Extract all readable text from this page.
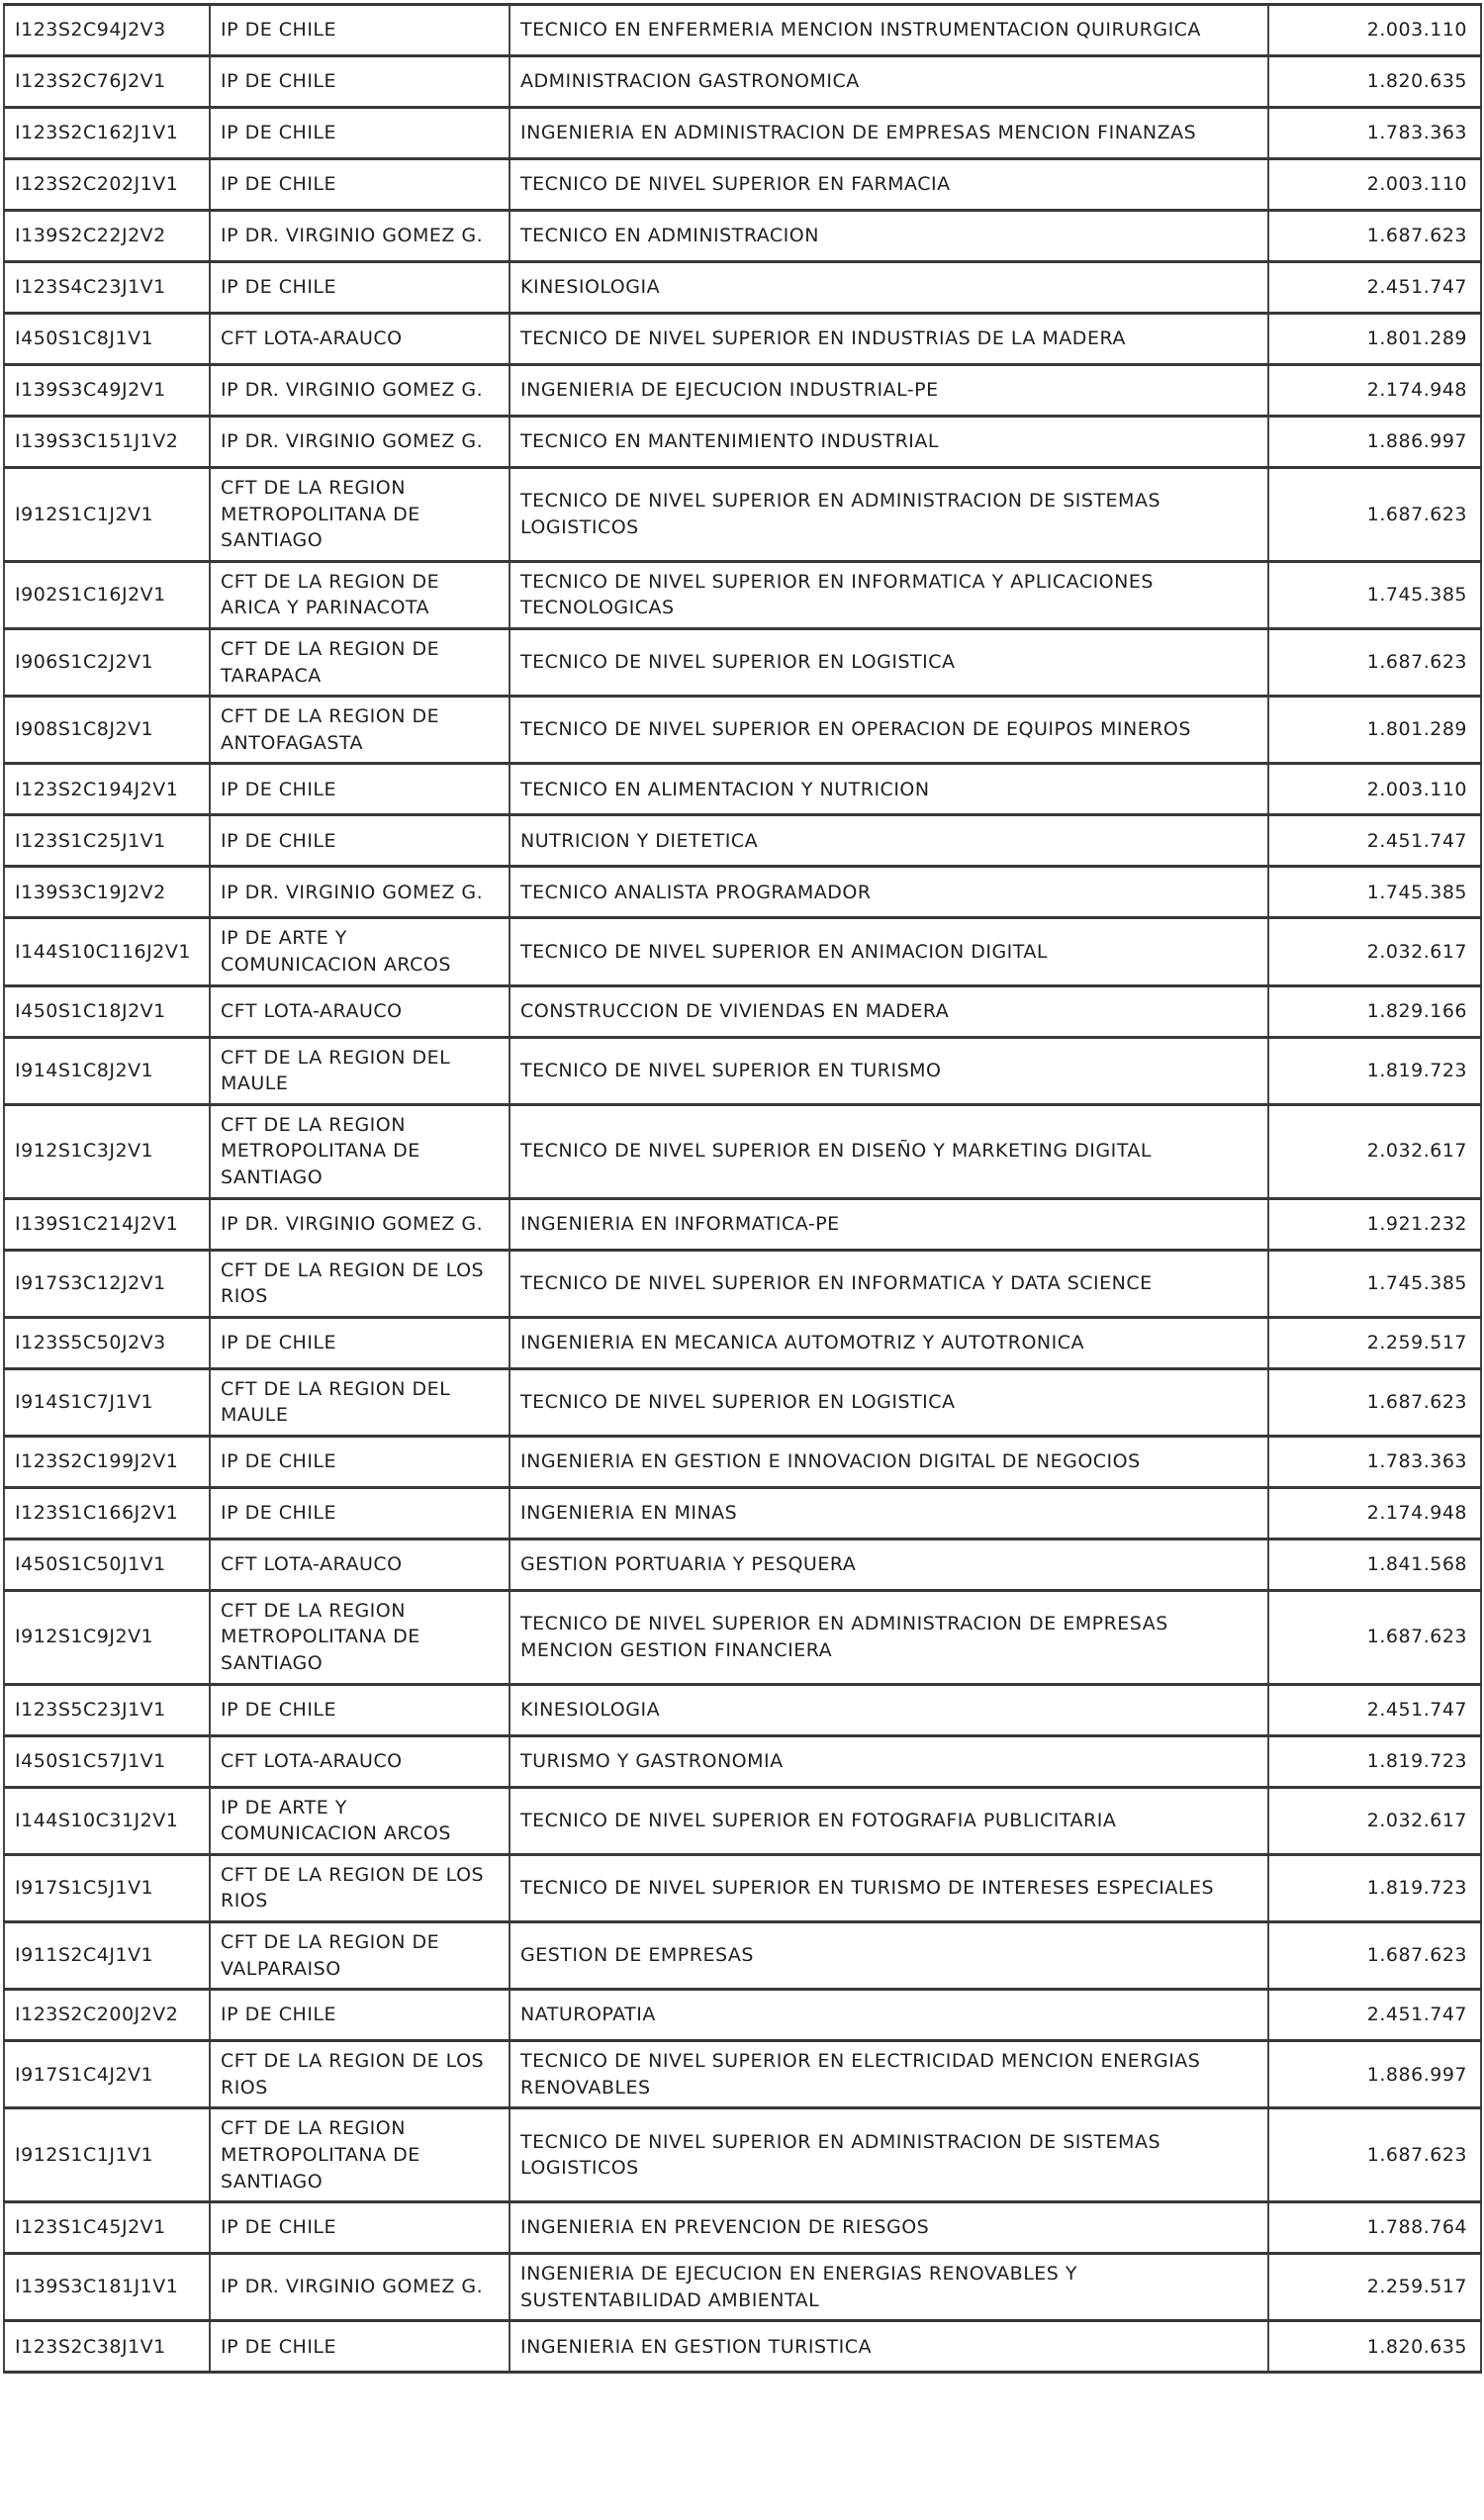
I123S2C94J2V3	IP DE CHILE	TECNICO EN ENFERMERIA MENCION INSTRUMENTACION QUIRURGICA	2.003.110
I123S2C76J2V1	IP DE CHILE	ADMINISTRACION GASTRONOMICA	1.820.635
I123S2C162J1V1	IP DE CHILE	INGENIERIA EN ADMINISTRACION DE EMPRESAS MENCION FINANZAS	1.783.363
I123S2C202J1V1	IP DE CHILE	TECNICO DE NIVEL SUPERIOR EN FARMACIA	2.003.110
I139S2C22J2V2	IP DR. VIRGINIO GOMEZ G.	TECNICO EN ADMINISTRACION	1.687.623
I123S4C23J1V1	IP DE CHILE	KINESIOLOGIA	2.451.747
I450S1C8J1V1	CFT LOTA-ARAUCO	TECNICO DE NIVEL SUPERIOR EN INDUSTRIAS DE LA MADERA	1.801.289
I139S3C49J2V1	IP DR. VIRGINIO GOMEZ G.	INGENIERIA DE EJECUCION INDUSTRIAL-PE	2.174.948
I139S3C151J1V2	IP DR. VIRGINIO GOMEZ G.	TECNICO EN MANTENIMIENTO INDUSTRIAL	1.886.997
I912S1C1J2V1	CFT DE LA REGION METROPOLITANA DE SANTIAGO	TECNICO DE NIVEL SUPERIOR EN ADMINISTRACION DE SISTEMAS LOGISTICOS	1.687.623
I902S1C16J2V1	CFT DE LA REGION DE ARICA Y PARINACOTA	TECNICO DE NIVEL SUPERIOR EN INFORMATICA Y APLICACIONES TECNOLOGICAS	1.745.385
I906S1C2J2V1	CFT DE LA REGION DE TARAPACA	TECNICO DE NIVEL SUPERIOR EN LOGISTICA	1.687.623
I908S1C8J2V1	CFT DE LA REGION DE ANTOFAGASTA	TECNICO DE NIVEL SUPERIOR EN OPERACION DE EQUIPOS MINEROS	1.801.289
I123S2C194J2V1	IP DE CHILE	TECNICO EN ALIMENTACION Y NUTRICION	2.003.110
I123S1C25J1V1	IP DE CHILE	NUTRICION Y DIETETICA	2.451.747
I139S3C19J2V2	IP DR. VIRGINIO GOMEZ G.	TECNICO ANALISTA PROGRAMADOR	1.745.385
I144S10C116J2V1	IP DE ARTE Y COMUNICACION ARCOS	TECNICO DE NIVEL SUPERIOR EN ANIMACION DIGITAL	2.032.617
I450S1C18J2V1	CFT LOTA-ARAUCO	CONSTRUCCION DE VIVIENDAS EN MADERA	1.829.166
I914S1C8J2V1	CFT DE LA REGION DEL MAULE	TECNICO DE NIVEL SUPERIOR EN TURISMO	1.819.723
I912S1C3J2V1	CFT DE LA REGION METROPOLITANA DE SANTIAGO	TECNICO DE NIVEL SUPERIOR EN DISEÑO Y MARKETING DIGITAL	2.032.617
I139S1C214J2V1	IP DR. VIRGINIO GOMEZ G.	INGENIERIA EN INFORMATICA-PE	1.921.232
I917S3C12J2V1	CFT DE LA REGION DE LOS RIOS	TECNICO DE NIVEL SUPERIOR EN INFORMATICA Y DATA SCIENCE	1.745.385
I123S5C50J2V3	IP DE CHILE	INGENIERIA EN MECANICA AUTOMOTRIZ Y AUTOTRONICA	2.259.517
I914S1C7J1V1	CFT DE LA REGION DEL MAULE	TECNICO DE NIVEL SUPERIOR EN LOGISTICA	1.687.623
I123S2C199J2V1	IP DE CHILE	INGENIERIA EN GESTION E INNOVACION DIGITAL DE NEGOCIOS	1.783.363
I123S1C166J2V1	IP DE CHILE	INGENIERIA EN MINAS	2.174.948
I450S1C50J1V1	CFT LOTA-ARAUCO	GESTION PORTUARIA Y PESQUERA	1.841.568
I912S1C9J2V1	CFT DE LA REGION METROPOLITANA DE SANTIAGO	TECNICO DE NIVEL SUPERIOR EN ADMINISTRACION DE EMPRESAS MENCION GESTION FINANCIERA	1.687.623
I123S5C23J1V1	IP DE CHILE	KINESIOLOGIA	2.451.747
I450S1C57J1V1	CFT LOTA-ARAUCO	TURISMO Y GASTRONOMIA	1.819.723
I144S10C31J2V1	IP DE ARTE Y COMUNICACION ARCOS	TECNICO DE NIVEL SUPERIOR EN FOTOGRAFIA PUBLICITARIA	2.032.617
I917S1C5J1V1	CFT DE LA REGION DE LOS RIOS	TECNICO DE NIVEL SUPERIOR EN TURISMO DE INTERESES ESPECIALES	1.819.723
I911S2C4J1V1	CFT DE LA REGION DE VALPARAISO	GESTION DE EMPRESAS	1.687.623
I123S2C200J2V2	IP DE CHILE	NATUROPATIA	2.451.747
I917S1C4J2V1	CFT DE LA REGION DE LOS RIOS	TECNICO DE NIVEL SUPERIOR EN ELECTRICIDAD MENCION ENERGIAS RENOVABLES	1.886.997
I912S1C1J1V1	CFT DE LA REGION METROPOLITANA DE SANTIAGO	TECNICO DE NIVEL SUPERIOR EN ADMINISTRACION DE SISTEMAS LOGISTICOS	1.687.623
I123S1C45J2V1	IP DE CHILE	INGENIERIA EN PREVENCION DE RIESGOS	1.788.764
I139S3C181J1V1	IP DR. VIRGINIO GOMEZ G.	INGENIERIA DE EJECUCION EN ENERGIAS RENOVABLES Y SUSTENTABILIDAD AMBIENTAL	2.259.517
I123S2C38J1V1	IP DE CHILE	INGENIERIA EN GESTION TURISTICA	1.820.635
